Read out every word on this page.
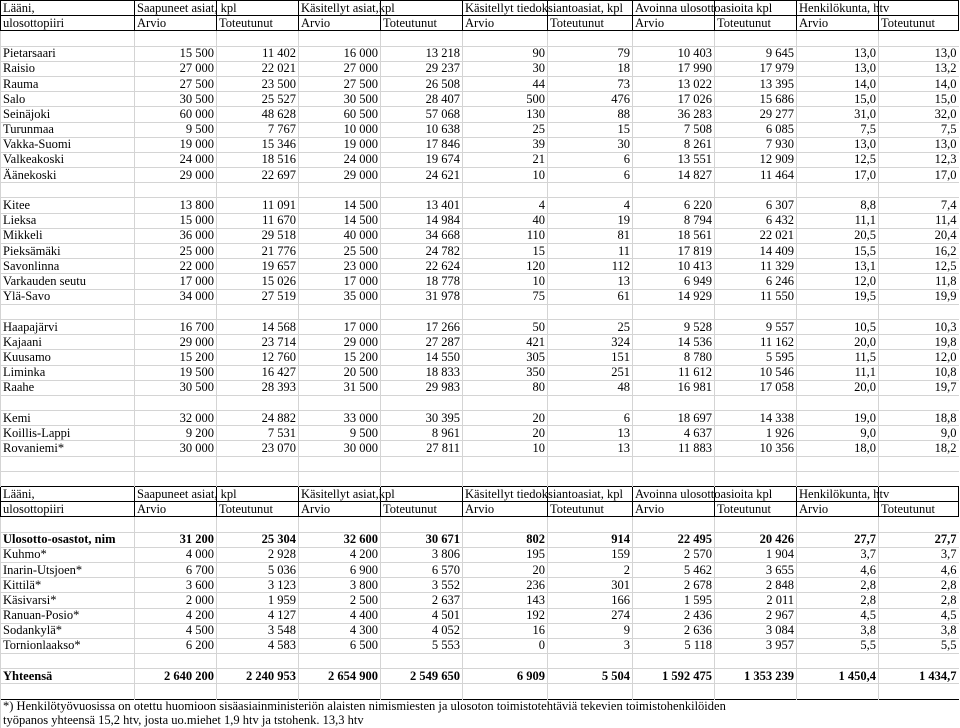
Lääni,	Saapuneet asiat, kpl		Käsitellyt asiat,kpl		Käsitellyt tiedoksiantoasiat, kpl		Avoinna ulosottoasioita kpl		Henkilökunta, htv	
ulosottopiiri	Arvio	Toteutunut	Arvio	Toteutunut	Arvio	Toteutunut	Arvio	Toteutunut	Arvio	Toteutunut

Pietarsaari	15 500	11 402	16 000	13 218	90	79	10 403	9 645	13,0	13,0
Raisio	27 000	22 021	27 000	29 237	30	18	17 990	17 979	13,0	13,2
Rauma	27 500	23 500	27 500	26 508	44	73	13 022	13 395	14,0	14,0
Salo	30 500	25 527	30 500	28 407	500	476	17 026	15 686	15,0	15,0
Seinäjoki	60 000	48 628	60 500	57 068	130	88	36 283	29 277	31,0	32,0
Turunmaa	9 500	7 767	10 000	10 638	25	15	7 508	6 085	7,5	7,5
Vakka-Suomi	19 000	15 346	19 000	17 846	39	30	8 261	7 930	13,0	13,0
Valkeakoski	24 000	18 516	24 000	19 674	21	6	13 551	12 909	12,5	12,3
Äänekoski	29 000	22 697	29 000	24 621	10	6	14 827	11 464	17,0	17,0

Kitee	13 800	11 091	14 500	13 401	4	4	6 220	6 307	8,8	7,4
Lieksa	15 000	11 670	14 500	14 984	40	19	8 794	6 432	11,1	11,4
Mikkeli	36 000	29 518	40 000	34 668	110	81	18 561	22 021	20,5	20,4
Pieksämäki	25 000	21 776	25 500	24 782	15	11	17 819	14 409	15,5	16,2
Savonlinna	22 000	19 657	23 000	22 624	120	112	10 413	11 329	13,1	12,5
Varkauden seutu	17 000	15 026	17 000	18 778	10	13	6 949	6 246	12,0	11,8
Ylä-Savo	34 000	27 519	35 000	31 978	75	61	14 929	11 550	19,5	19,9

Haapajärvi	16 700	14 568	17 000	17 266	50	25	9 528	9 557	10,5	10,3
Kajaani	29 000	23 714	29 000	27 287	421	324	14 536	11 162	20,0	19,8
Kuusamo	15 200	12 760	15 200	14 550	305	151	8 780	5 595	11,5	12,0
Liminka	19 500	16 427	20 500	18 833	350	251	11 612	10 546	11,1	10,8
Raahe	30 500	28 393	31 500	29 983	80	48	16 981	17 058	20,0	19,7

Kemi	32 000	24 882	33 000	30 395	20	6	18 697	14 338	19,0	18,8
Koillis-Lappi	9 200	7 531	9 500	8 961	20	13	4 637	1 926	9,0	9,0
Rovaniemi*	30 000	23 070	30 000	27 811	10	13	11 883	10 356	18,0	18,2

Lääni,	Saapuneet asiat, kpl		Käsitellyt asiat,kpl		Käsitellyt tiedoksiantoasiat, kpl		Avoinna ulosottoasioita kpl		Henkilökunta, htv	
ulosottopiiri	Arvio	Toteutunut	Arvio	Toteutunut	Arvio	Toteutunut	Arvio	Toteutunut	Arvio	Toteutunut

Ulosotto-osastot, nim	31 200	25 304	32 600	30 671	802	914	22 495	20 426	27,7	27,7
Kuhmo*	4 000	2 928	4 200	3 806	195	159	2 570	1 904	3,7	3,7
Inarin-Utsjoen*	6 700	5 036	6 900	6 570	20	2	5 462	3 655	4,6	4,6
Kittilä*	3 600	3 123	3 800	3 552	236	301	2 678	2 848	2,8	2,8
Käsivarsi*	2 000	1 959	2 500	2 637	143	166	1 595	2 011	2,8	2,8
Ranuan-Posio*	4 200	4 127	4 400	4 501	192	274	2 436	2 967	4,5	4,5
Sodankylä*	4 500	3 548	4 300	4 052	16	9	2 636	3 084	3,8	3,8
Tornionlaakso*	6 200	4 583	6 500	5 553	0	3	5 118	3 957	5,5	5,5

Yhteensä	2 640 200	2 240 953	2 654 900	2 549 650	6 909	5 504	1 592 475	1 353 239	1 450,4	1 434,7

*) Henkilötyövuosissa on otettu huomioon sisäasiainministeriön alaisten nimismiesten ja ulosoton toimistotehtäviä tekevien toimistohenkilöiden										
työpanos yhteensä 15,2 htv, josta uo.miehet 1,9 htv ja tstohenk. 13,3 htv										
